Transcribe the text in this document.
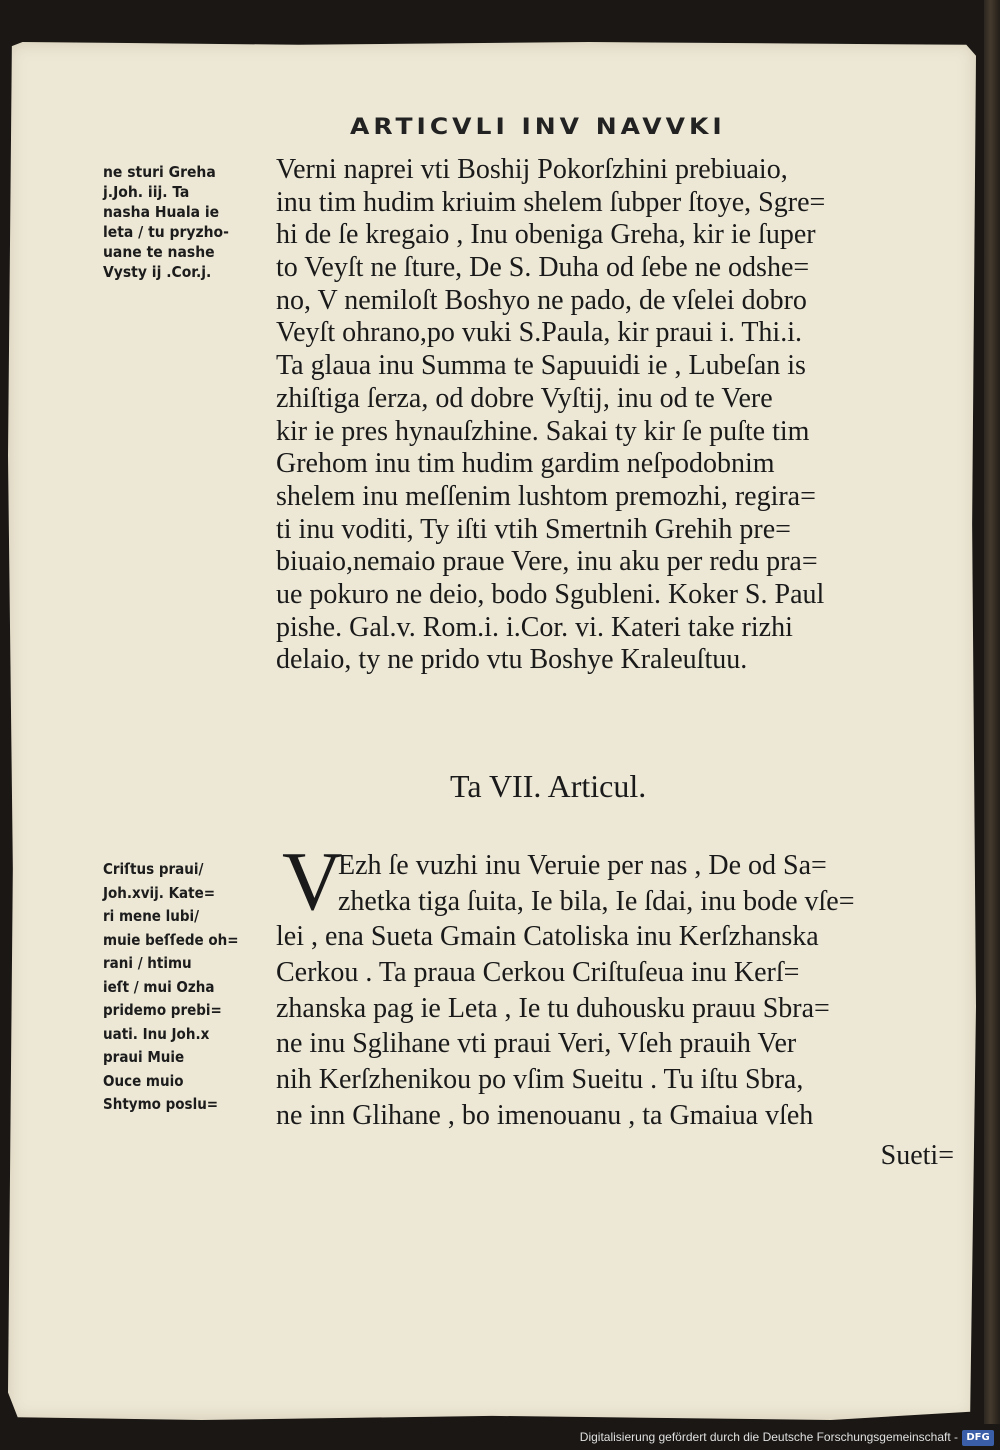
ARTICVLI INV NAVVKI
ne sturi Greha
j.Joh. iij. Ta
nasha Huala ie
leta / tu pryzho-
uane te nashe
Vysty ij .Cor.j.
Verni naprei vti Boshij Pokorſzhini prebiuaio,
inu tim hudim kriuim shelem ſubper ſtoye, Sgre=
hi de ſe kregaio , Inu obeniga Greha, kir ie ſuper
to Veyſt ne ſture, De S. Duha od ſebe ne odshe=
no, V nemiloſt Boshyo ne pado, de vſelei dobro
Veyſt ohrano,po vuki S.Paula, kir praui i. Thi.i.
Ta glaua inu Summa te Sapuuidi ie , Lubeſan is
zhiſtiga ſerza, od dobre Vyſtij, inu od te Vere
kir ie pres hynauſzhine. Sakai ty kir ſe puſte tim
Grehom inu tim hudim gardim neſpodobnim
shelem inu meſſenim lushtom premozhi, regira=
ti inu voditi, Ty iſti vtih Smertnih Grehih pre=
biuaio,nemaio praue Vere, inu aku per redu pra=
ue pokuro ne deio, bodo Sgubleni. Koker S. Paul
pishe. Gal.v. Rom.i. i.Cor. vi. Kateri take rizhi
delaio, ty ne prido vtu Boshye Kraleuſtuu.
Ta VII. Articul.
Criſtus praui/
Joh.xvij. Kate=
ri mene lubi/
muie beſſede oh=
rani / htimu
ieſt / mui Ozha
pridemo prebi=
uati. Inu Joh.x
praui Muie
Ouce muio
Shtymo poslu=
V
Ezh ſe vuzhi inu Veruie per nas , De od Sa=
zhetka tiga ſuita, Ie bila, Ie ſdai, inu bode vſe=
lei , ena Sueta Gmain Catoliska inu Kerſzhanska
Cerkou . Ta praua Cerkou Criſtuſeua inu Kerſ=
zhanska pag ie Leta , Ie tu duhousku prauu Sbra=
ne inu Sglihane vti praui Veri, Vſeh prauih Ver
nih Kerſzhenikou po vſim Sueitu . Tu iſtu Sbra,
ne inn Glihane , bo imenouanu , ta Gmaiua vſeh
Sueti=
Digitalisierung gefördert durch die Deutsche Forschungsgemeinschaft - DFG
